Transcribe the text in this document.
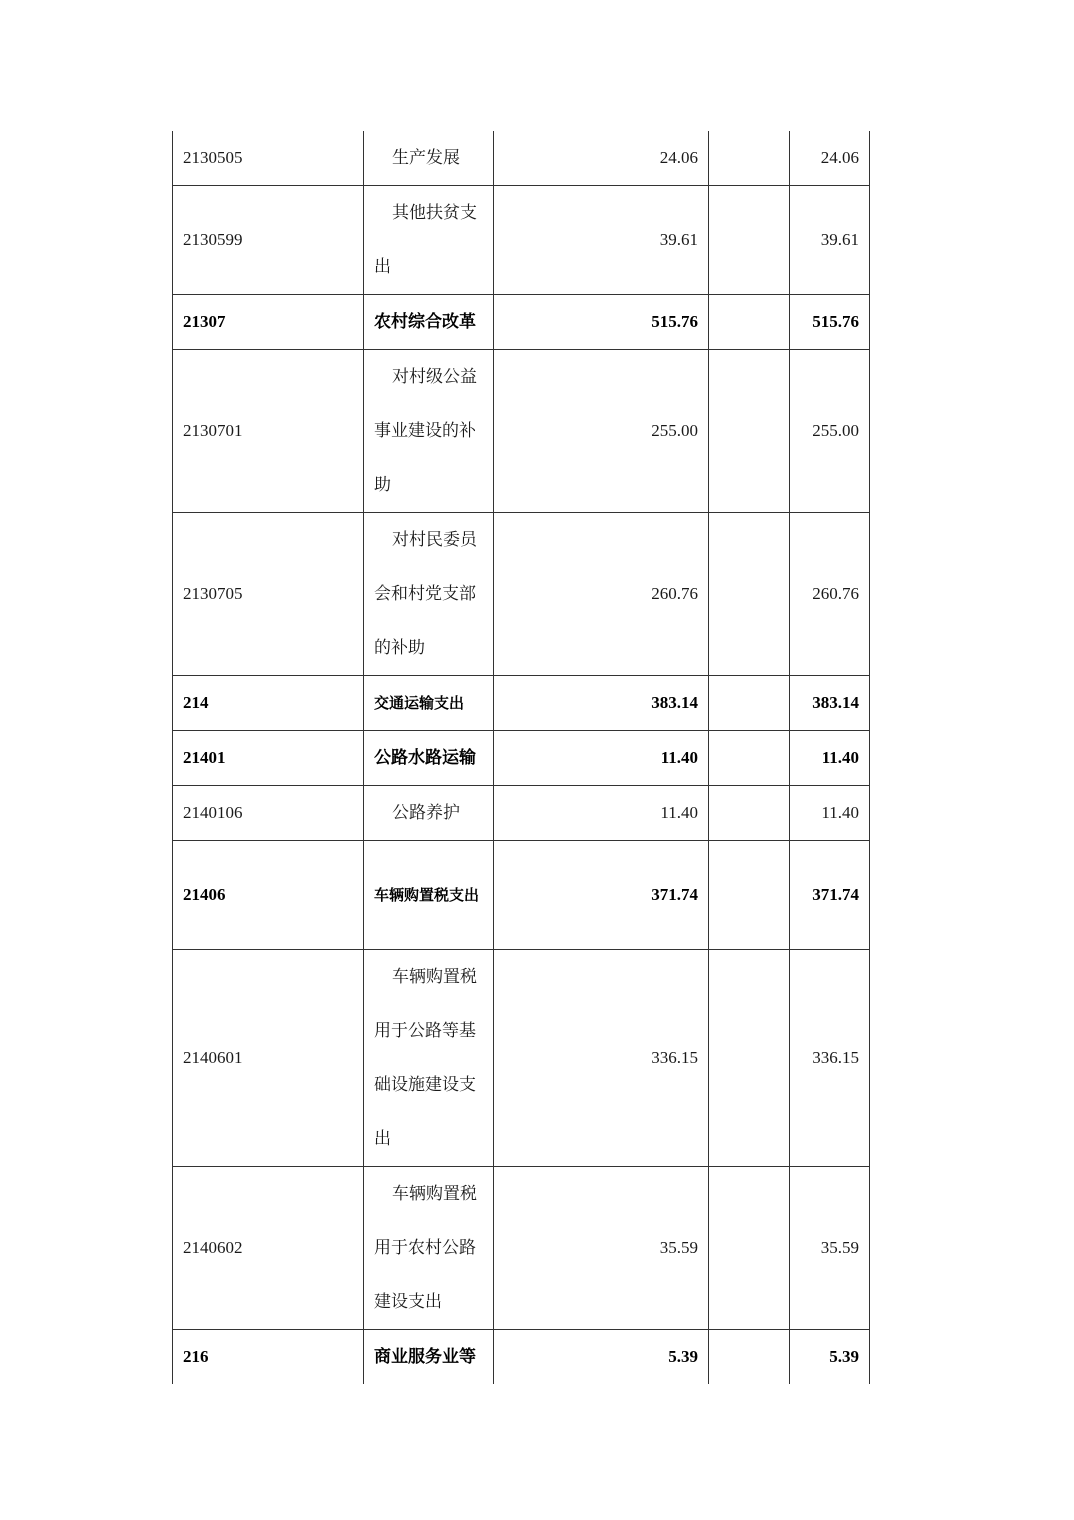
2130505	生产发展	24.06		24.06
2130599	其他扶贫支出	39.61		39.61
21307	农村综合改革	515.76		515.76
2130701	对村级公益事业建设的补助	255.00		255.00
2130705	对村民委员会和村党支部的补助	260.76		260.76
214	交通运输支出	383.14		383.14
21401	公路水路运输	11.40		11.40
2140106	公路养护	11.40		11.40
21406	车辆购置税支出	371.74		371.74
2140601	车辆购置税用于公路等基础设施建设支出	336.15		336.15
2140602	车辆购置税用于农村公路建设支出	35.59		35.59
216	商业服务业等	5.39		5.39
